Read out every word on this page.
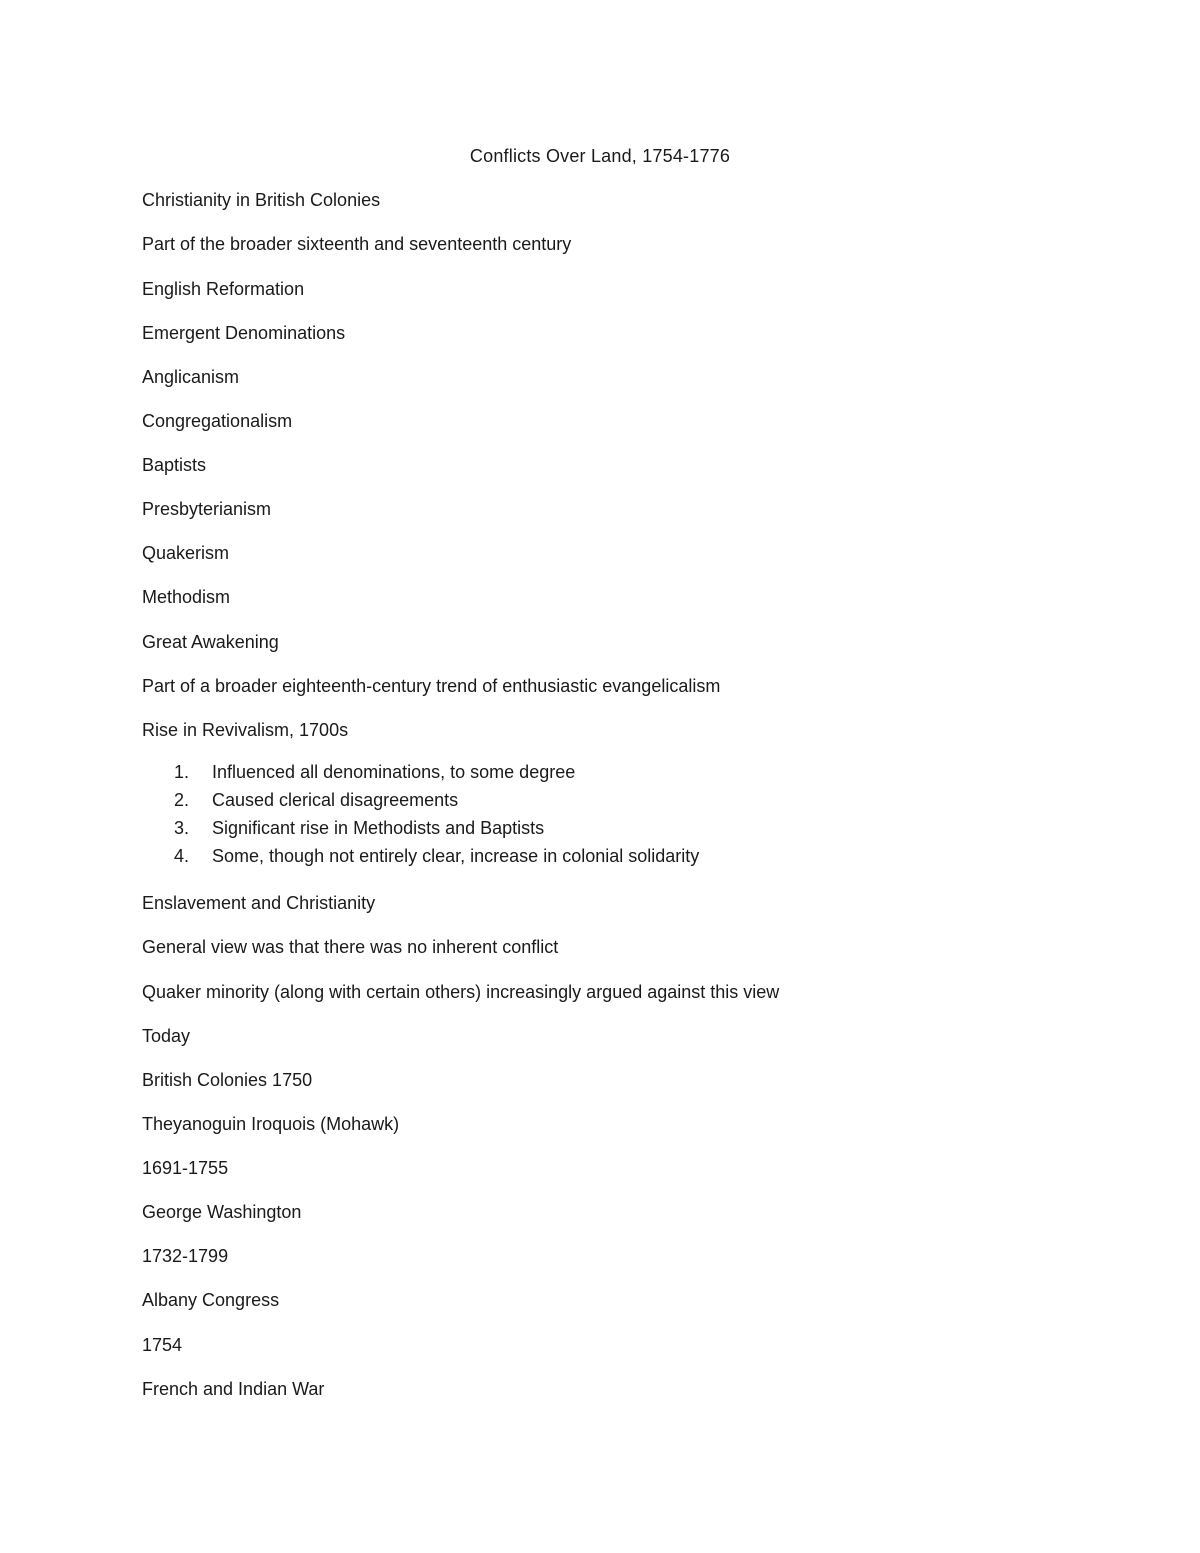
Conflicts Over Land, 1754-1776
Christianity in British Colonies
Part of the broader sixteenth and seventeenth century
English Reformation
Emergent Denominations
Anglicanism
Congregationalism
Baptists
Presbyterianism
Quakerism
Methodism
Great Awakening
Part of a broader eighteenth-century trend of enthusiastic evangelicalism
Rise in Revivalism, 1700s
1.	Influenced all denominations, to some degree
2.	Caused clerical disagreements
3.	Significant rise in Methodists and Baptists
4.	Some, though not entirely clear, increase in colonial solidarity
Enslavement and Christianity
General view was that there was no inherent conflict
Quaker minority (along with certain others) increasingly argued against this view
Today
British Colonies 1750
Theyanoguin Iroquois (Mohawk)
1691-1755
George Washington
1732-1799
Albany Congress
1754
French and Indian War
